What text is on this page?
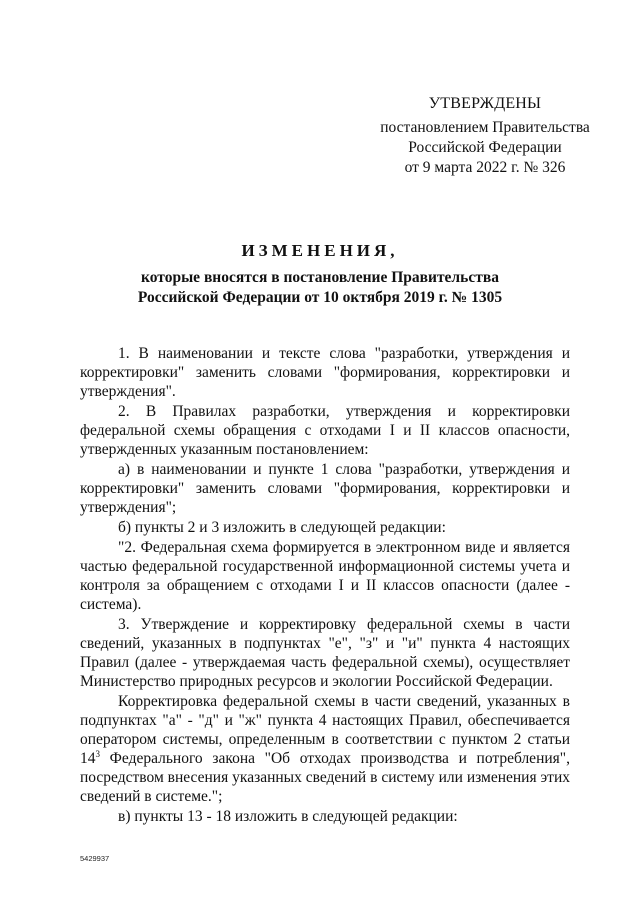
УТВЕРЖДЕНЫ
постановлением Правительства
Российской Федерации
от 9 марта 2022 г. № 326
ИЗМЕНЕНИЯ,
которые вносятся в постановление Правительства
Российской Федерации от 10 октября 2019 г. № 1305

1. В наименовании и тексте слова "разработки, утверждения и корректировки" заменить словами "формирования, корректировки и утверждения".

2. В Правилах разработки, утверждения и корректировки федеральной схемы обращения с отходами I и II классов опасности, утвержденных указанным постановлением:

а) в наименовании и пункте 1 слова "разработки, утверждения и корректировки" заменить словами "формирования, корректировки и утверждения";

б) пункты 2 и 3 изложить в следующей редакции:

"2. Федеральная схема формируется в электронном виде и является частью федеральной государственной информационной системы учета и контроля за обращением с отходами I и II классов опасности (далее - система).

3. Утверждение и корректировку федеральной схемы в части сведений, указанных в подпунктах "е", "з" и "и" пункта 4 настоящих Правил (далее - утверждаемая часть федеральной схемы), осуществляет Министерство природных ресурсов и экологии Российской Федерации.

Корректировка федеральной схемы в части сведений, указанных в подпунктах "а" - "д" и "ж" пункта 4 настоящих Правил, обеспечивается оператором системы, определенным в соответствии с пунктом 2 статьи $14^3$ Федерального закона "Об отходах производства и потребления", посредством внесения указанных сведений в систему или изменения этих сведений в системе.";

в) пункты 13 - 18 изложить в следующей редакции:

5429937
